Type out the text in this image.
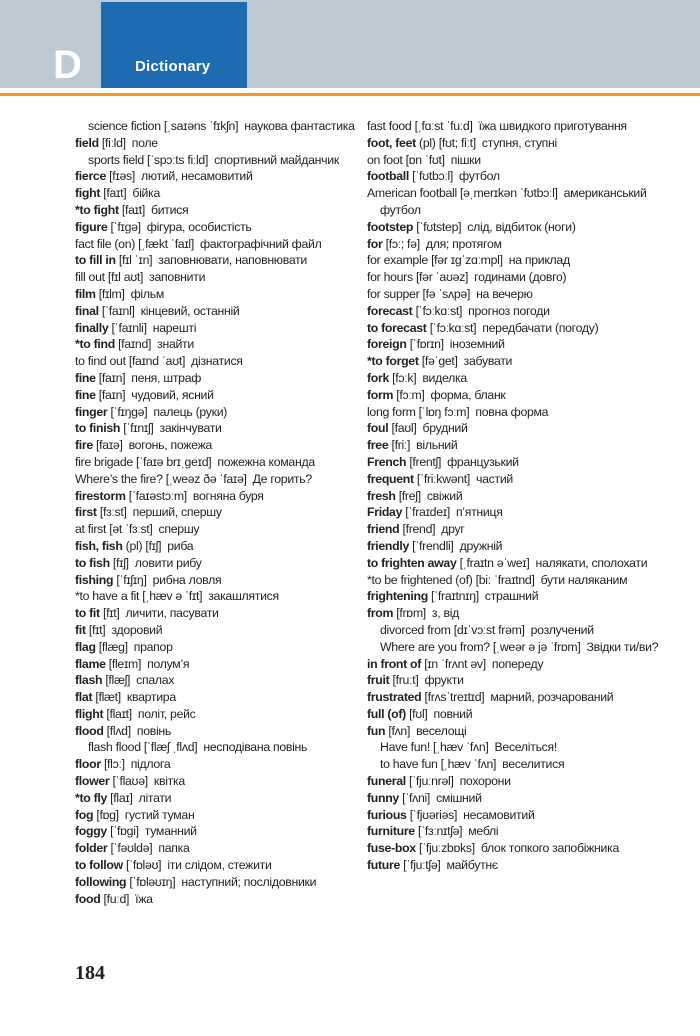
D	Dictionary

science fiction [ˌsaɪəns ˈfɪkʃn] наукова фантастика

field [fiːld] поле

sports field [ˈspɔːts fiːld] спортивний майданчик

fierce [fɪəs] лютий, несамовитий

fight [faɪt] бійка

*to fight [faɪt] битися

figure [ˈfɪɡə] фігура, особистість

fact file (on) [ˌfækt ˈfaɪl] фактографічний файл

to fill in [fɪl ˈɪn] заповнювати, наповнювати

fill out [fɪl aʊt] заповнити

film [fɪlm] фільм

final [ˈfaɪnl] кінцевий, останній

finally [ˈfaɪnli] нарешті

*to find [faɪnd] знайти

to find out [faɪnd ˈaʊt] дізнатися

fine [faɪn] пеня, штраф

fine [faɪn] чудовий, ясний

finger [ˈfɪŋɡə] палець (руки)

to finish [ˈfɪnɪʃ] закінчувати

fire [faɪə] вогонь, пожежа

fire brigade [ˈfaɪə brɪˌɡeɪd] пожежна команда

Where’s the fire? [ˌweəz ðə ˈfaɪə] Де горить?

firestorm [ˈfaɪəstɔːm] вогняна буря

first [fɜːst] перший, спершу

at first [ət ˈfɜːst] спершу

fish, fish (pl) [fɪʃ] риба

to fish [fɪʃ] ловити рибу

fishing [ˈfɪʃɪŋ] рибна ловля

*to have a fit [ˌhæv ə ˈfɪt] закашлятися

to fit [fɪt] личити, пасувати

fit [fɪt] здоровий

flag [flæɡ] прапор

flame [fleɪm] полум’я

flash [flæʃ] спалах

flat [flæt] квартира

flight [flaɪt] політ, рейс

flood [flʌd] повінь

flash flood [ˈflæʃ ˌflʌd] несподівана повінь

floor [flɔː] підлога

flower [ˈflaʊə] квітка

*to fly [flaɪ] літати

fog [fɒɡ] густий туман

foggy [ˈfɒɡi] туманний

folder [ˈfəʊldə] папка

to follow [ˈfɒləʊ] іти слідом, стежити

following [ˈfɒləʊɪŋ] наступний; послідовники

food [fuːd] їжа

fast food [ˌfɑːst ˈfuːd] їжа швидкого приготування

foot, feet (pl) [fʊt; fiːt] ступня, ступні

on foot [ɒn ˈfʊt] пішки

football [ˈfʊtbɔːl] футбол

American football [əˌmerɪkən ˈfʊtbɔːl] американський футбол

footstep [ˈfʊtstep] слід, відбиток (ноги)

for [fɔː; fə] для; протягом

for example [fər ɪɡˈzɑːmpl] на приклад

for hours [fər ˈaʊəz] годинами (довго)

for supper [fə ˈsʌpə] на вечерю

forecast [ˈfɔːkɑːst] прогноз погоди

to forecast [ˈfɔːkɑːst] передбачати (погоду)

foreign [ˈfɒrɪn] іноземний

*to forget [fəˈɡet] забувати

fork [fɔːk] виделка

form [fɔːm] форма, бланк

long form [ˈlɒŋ fɔːm] повна форма

foul [faʊl] брудний

free [friː] вільний

French [frentʃ] французький

frequent [ˈfriːkwənt] частий

fresh [freʃ] свіжий

Friday [ˈfraɪdeɪ] п’ятниця

friend [frend] друг

friendly [ˈfrendli] дружній

to frighten away [ˌfraɪtn əˈweɪ] налякати, сполохати

*to be frightened (of) [bi: ˈfraɪtnd] бути наляканим

frightening [ˈfraɪtnɪŋ] страшний

from [frɒm] з, від

divorced from [dɪˈvɔːst frəm] розлучений

Where are you from? [ˌweər ə jə ˈfrɒm] Звідки ти/ви?

in front of [ɪn ˈfrʌnt əv] попереду

fruit [fruːt] фрукти

frustrated [frʌsˈtreɪtɪd] марний, розчарований

full (of) [fʊl] повний

fun [fʌn] веселощі

Have fun! [ˌhæv ˈfʌn] Веселіться!

to have fun [ˌhæv ˈfʌn] веселитися

funeral [ˈfjuːnrəl] похорони

funny [ˈfʌni] смішний

furious [ˈfjʊəriəs] несамовитий

furniture [ˈfɜːnɪtʃə] меблі

fuse-box [ˈfjuːzbɒks] блок топкого запобіжника

future [ˈfjuːtʃə] майбутнє

184
